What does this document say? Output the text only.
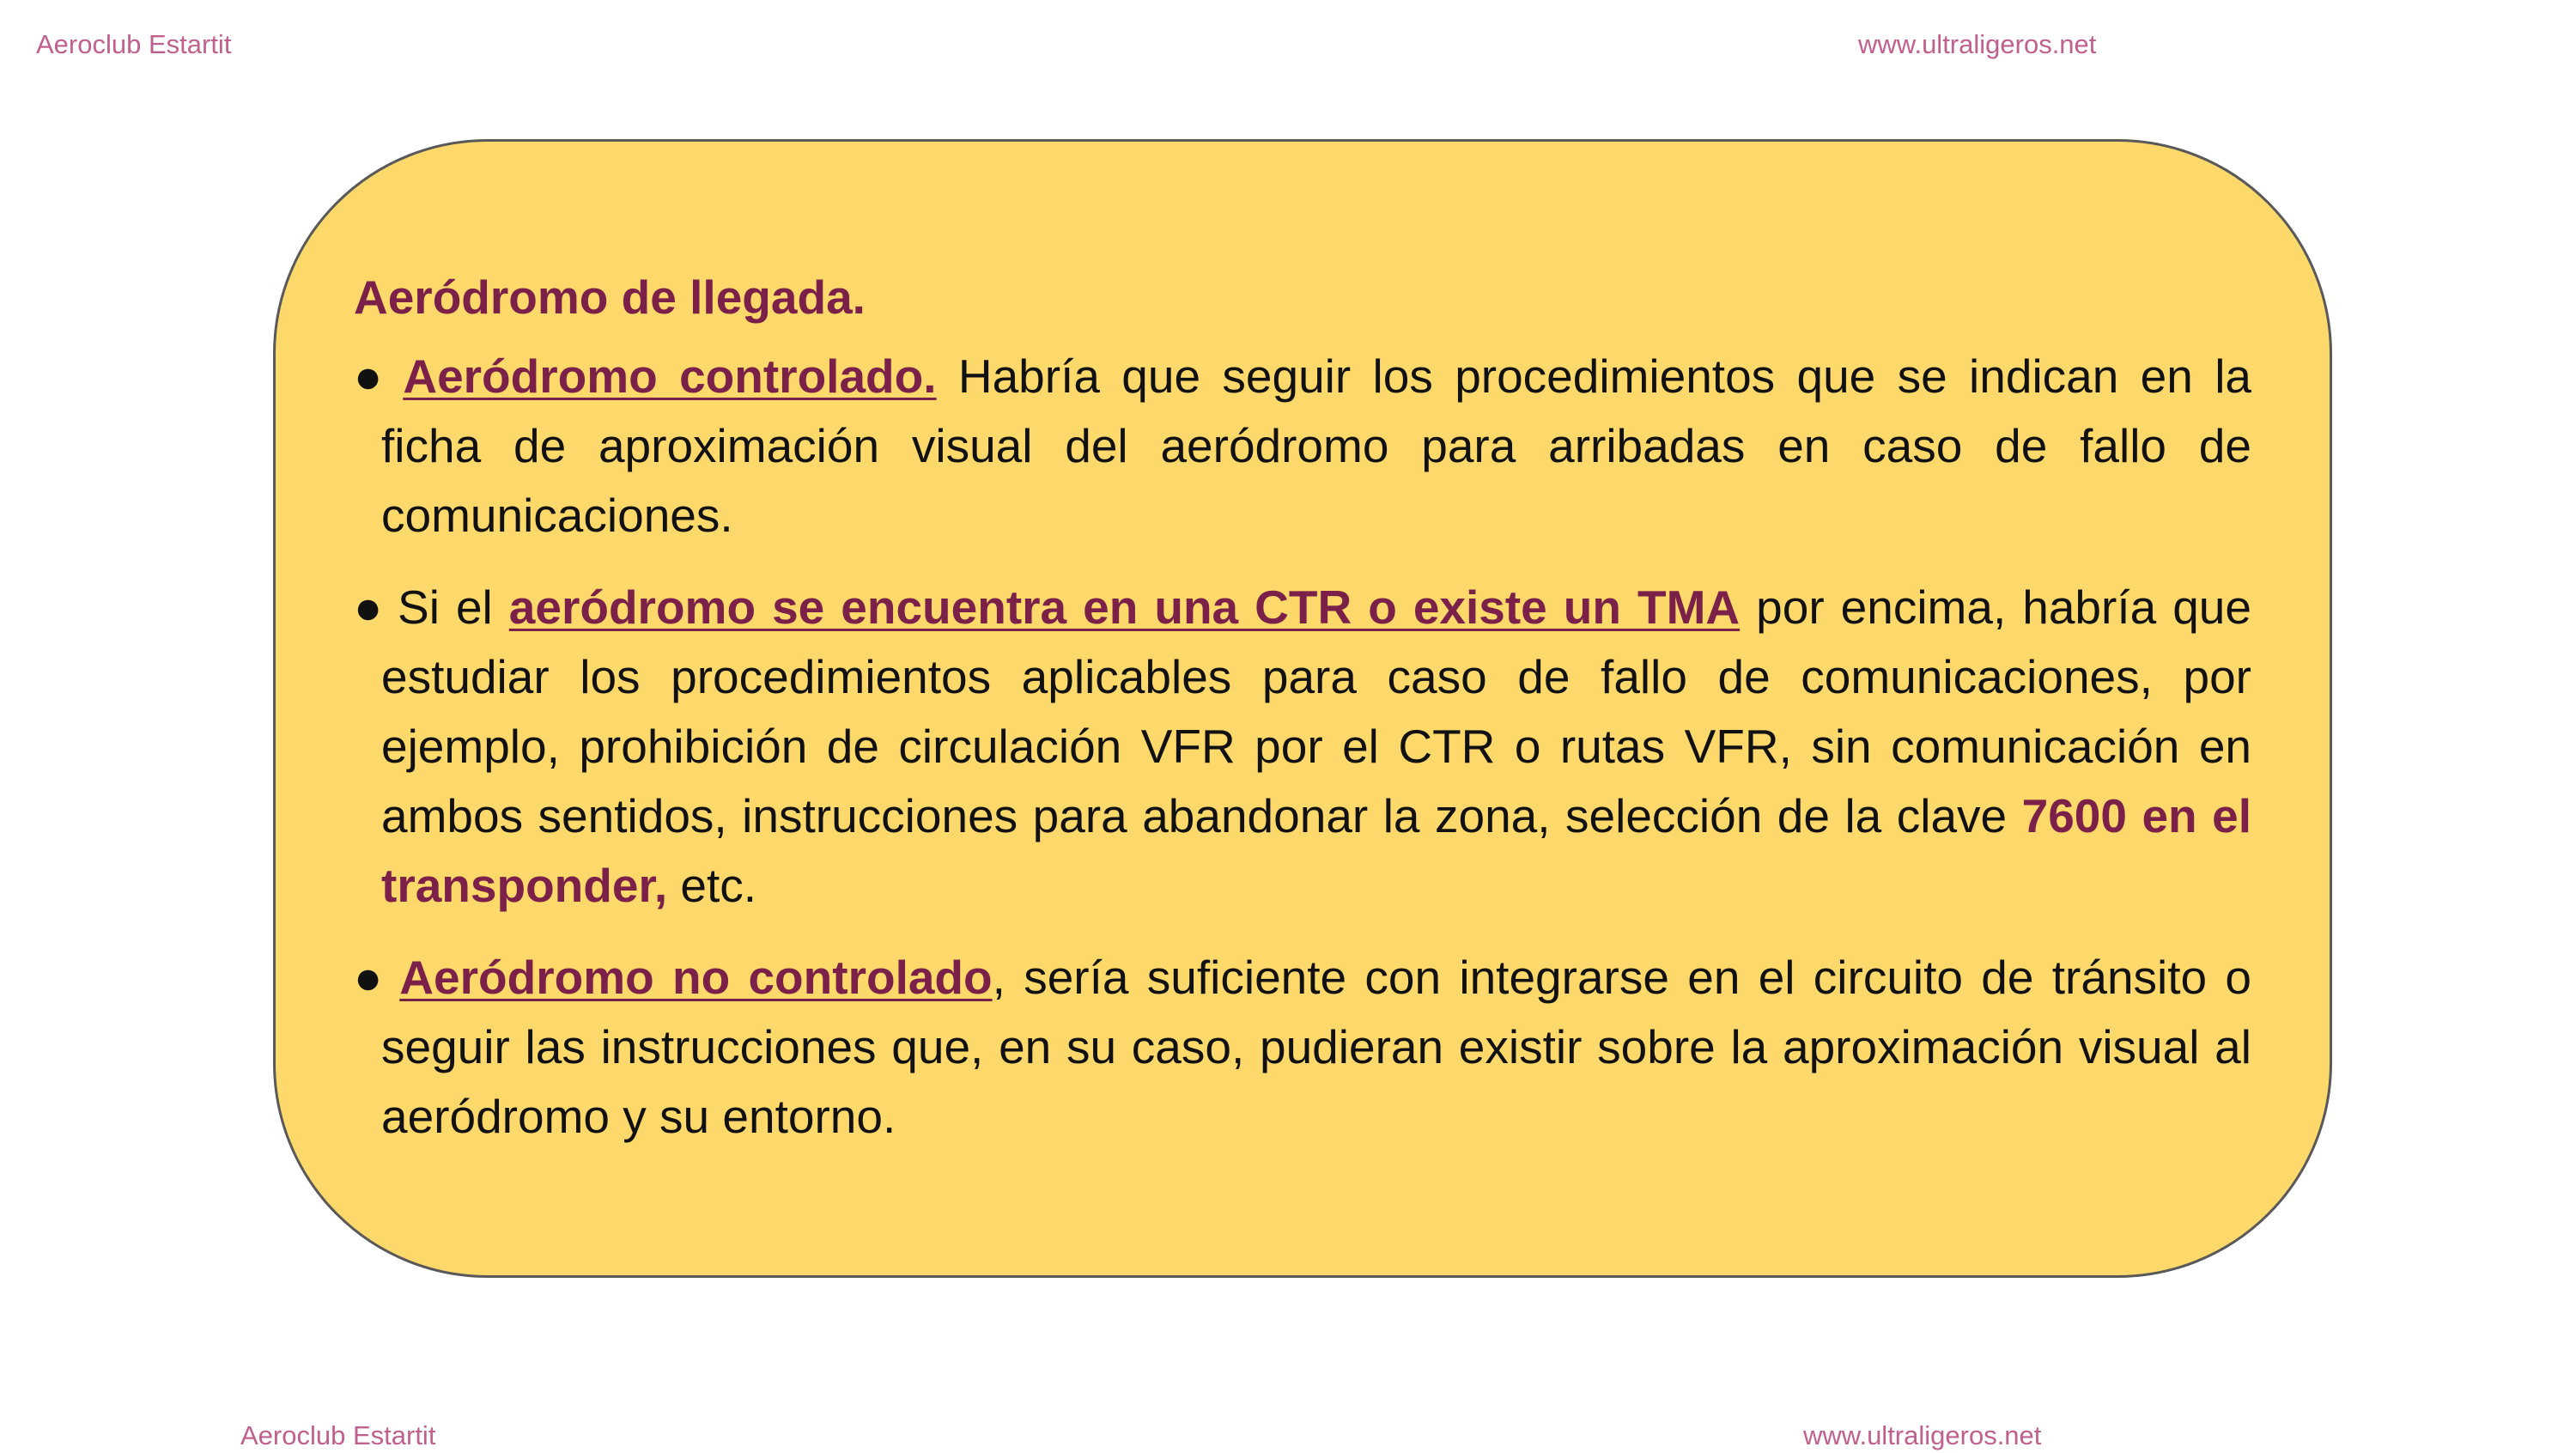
Aeroclub Estartit	www.ultraligeros.net
Aeródromo de llegada.
● Aeródromo controlado. Habría que seguir los procedimientos que se indican en la ficha de aproximación visual del aeródromo para arribadas en caso de fallo de comunicaciones.
● Si el aeródromo se encuentra en una CTR o existe un TMA por encima, habría que estudiar los procedimientos aplicables para caso de fallo de comunicaciones, por ejemplo, prohibición de circulación VFR por el CTR o rutas VFR, sin comunicación en ambos sentidos, instrucciones para abandonar la zona, selección de la clave 7600 en el transponder, etc.
● Aeródromo no controlado, sería suficiente con integrarse en el circuito de tránsito o seguir las instrucciones que, en su caso, pudieran existir sobre la aproximación visual al aeródromo y su entorno.
Aeroclub Estartit	www.ultraligeros.net
